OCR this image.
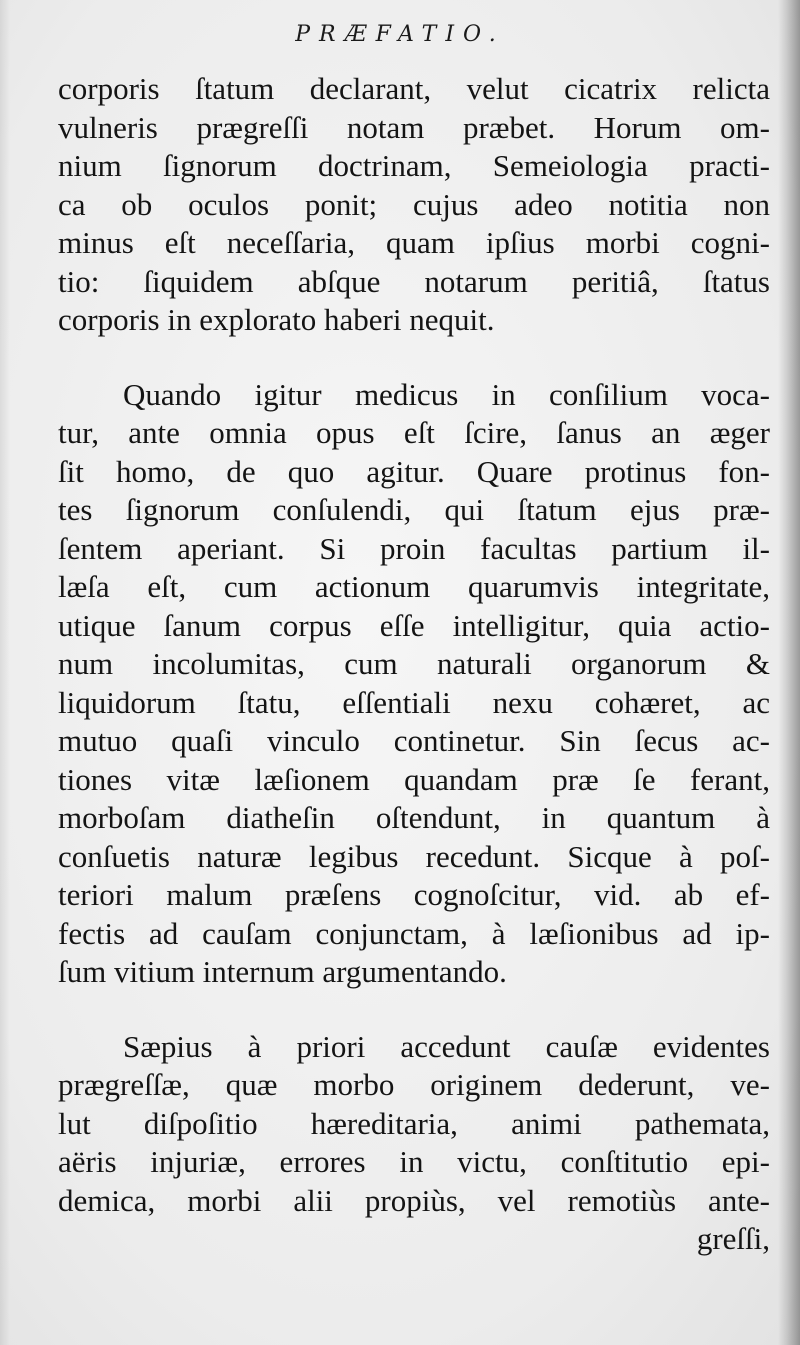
PRÆFATIO.
corporis ſtatum declarant, velut cicatrix relicta
vulneris prægreſſi notam præbet. Horum om-
nium ſignorum doctrinam, Semeiologia practi-
ca ob oculos ponit; cujus adeo notitia non
minus eſt neceſſaria, quam ipſius morbi cogni-
tio: ſiquidem abſque notarum peritiâ, ſtatus
corporis in explorato haberi nequit.
Quando igitur medicus in conſilium voca-
tur, ante omnia opus eſt ſcire, ſanus an æger
ſit homo, de quo agitur. Quare protinus fon-
tes ſignorum conſulendi, qui ſtatum ejus præ-
ſentem aperiant. Si proin facultas partium il-
læſa eſt, cum actionum quarumvis integritate,
utique ſanum corpus eſſe intelligitur, quia actio-
num incolumitas, cum naturali organorum &
liquidorum ſtatu, eſſentiali nexu cohæret, ac
mutuo quaſi vinculo continetur. Sin ſecus ac-
tiones vitæ læſionem quandam præ ſe ferant,
morboſam diatheſin oſtendunt, in quantum à
conſuetis naturæ legibus recedunt. Sicque à poſ-
teriori malum præſens cognoſcitur, vid. ab ef-
fectis ad cauſam conjunctam, à læſionibus ad ip-
ſum vitium internum argumentando.
Sæpius à priori accedunt cauſæ evidentes
prægreſſæ, quæ morbo originem dederunt, ve-
lut diſpoſitio hæreditaria, animi pathemata,
aëris injuriæ, errores in victu, conſtitutio epi-
demica, morbi alii propiùs, vel remotiùs ante-
greſſi,
